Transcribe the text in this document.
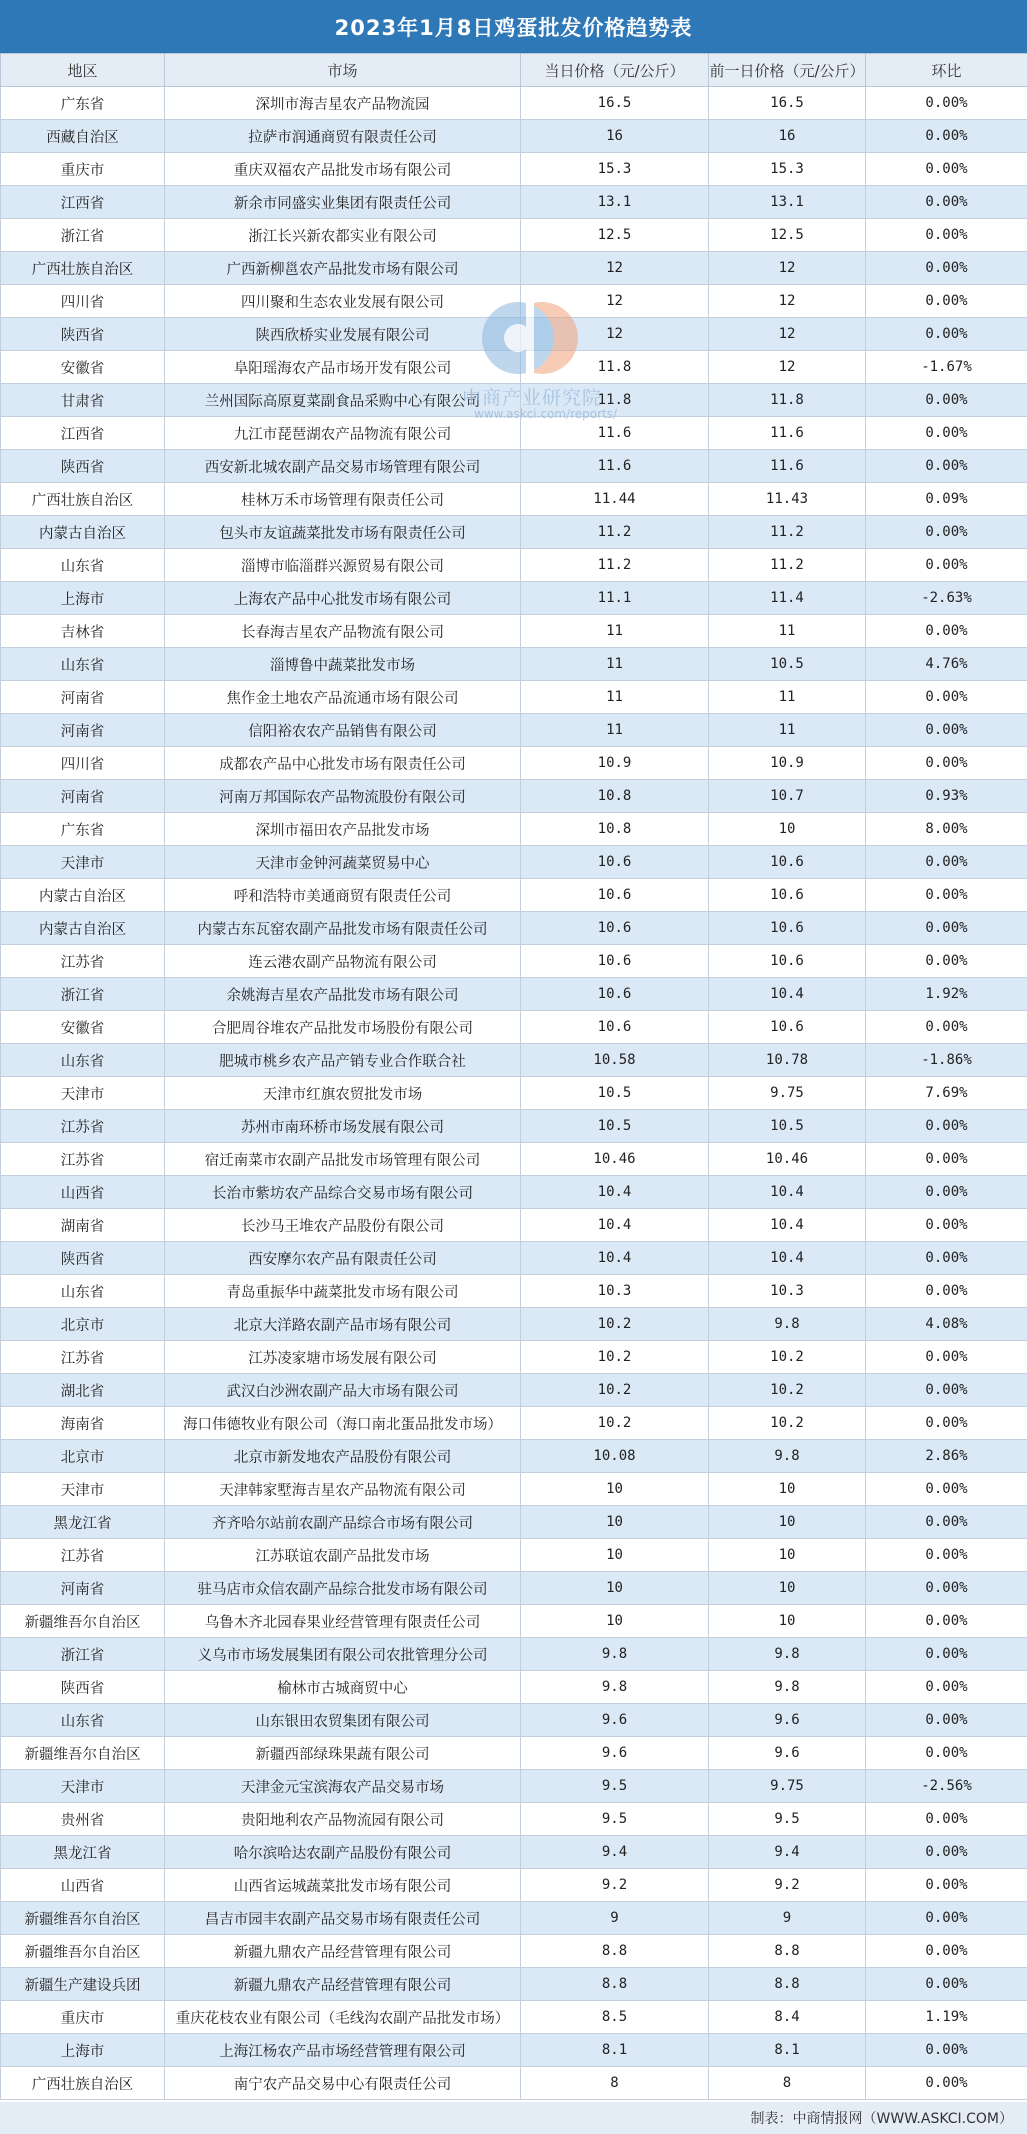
2023年1月8日鸡蛋批发价格趋势表
地区	市场	当日价格（元/公斤）	前一日价格（元/公斤）	环比
广东省	深圳市海吉星农产品物流园	16.5	16.5	0.00%
西藏自治区	拉萨市润通商贸有限责任公司	16	16	0.00%
重庆市	重庆双福农产品批发市场有限公司	15.3	15.3	0.00%
江西省	新余市同盛实业集团有限责任公司	13.1	13.1	0.00%
浙江省	浙江长兴新农都实业有限公司	12.5	12.5	0.00%
广西壮族自治区	广西新柳邕农产品批发市场有限公司	12	12	0.00%
四川省	四川聚和生态农业发展有限公司	12	12	0.00%
陕西省	陕西欣桥实业发展有限公司	12	12	0.00%
安徽省	阜阳瑶海农产品市场开发有限公司	11.8	12	-1.67%
甘肃省	兰州国际高原夏菜副食品采购中心有限公司	11.8	11.8	0.00%
江西省	九江市琵琶湖农产品物流有限公司	11.6	11.6	0.00%
陕西省	西安新北城农副产品交易市场管理有限公司	11.6	11.6	0.00%
广西壮族自治区	桂林万禾市场管理有限责任公司	11.44	11.43	0.09%
内蒙古自治区	包头市友谊蔬菜批发市场有限责任公司	11.2	11.2	0.00%
山东省	淄博市临淄群兴源贸易有限公司	11.2	11.2	0.00%
上海市	上海农产品中心批发市场有限公司	11.1	11.4	-2.63%
吉林省	长春海吉星农产品物流有限公司	11	11	0.00%
山东省	淄博鲁中蔬菜批发市场	11	10.5	4.76%
河南省	焦作金土地农产品流通市场有限公司	11	11	0.00%
河南省	信阳裕农农产品销售有限公司	11	11	0.00%
四川省	成都农产品中心批发市场有限责任公司	10.9	10.9	0.00%
河南省	河南万邦国际农产品物流股份有限公司	10.8	10.7	0.93%
广东省	深圳市福田农产品批发市场	10.8	10	8.00%
天津市	天津市金钟河蔬菜贸易中心	10.6	10.6	0.00%
内蒙古自治区	呼和浩特市美通商贸有限责任公司	10.6	10.6	0.00%
内蒙古自治区	内蒙古东瓦窑农副产品批发市场有限责任公司	10.6	10.6	0.00%
江苏省	连云港农副产品物流有限公司	10.6	10.6	0.00%
浙江省	余姚海吉星农产品批发市场有限公司	10.6	10.4	1.92%
安徽省	合肥周谷堆农产品批发市场股份有限公司	10.6	10.6	0.00%
山东省	肥城市桃乡农产品产销专业合作联合社	10.58	10.78	-1.86%
天津市	天津市红旗农贸批发市场	10.5	9.75	7.69%
江苏省	苏州市南环桥市场发展有限公司	10.5	10.5	0.00%
江苏省	宿迁南菜市农副产品批发市场管理有限公司	10.46	10.46	0.00%
山西省	长治市紫坊农产品综合交易市场有限公司	10.4	10.4	0.00%
湖南省	长沙马王堆农产品股份有限公司	10.4	10.4	0.00%
陕西省	西安摩尔农产品有限责任公司	10.4	10.4	0.00%
山东省	青岛重振华中蔬菜批发市场有限公司	10.3	10.3	0.00%
北京市	北京大洋路农副产品市场有限公司	10.2	9.8	4.08%
江苏省	江苏凌家塘市场发展有限公司	10.2	10.2	0.00%
湖北省	武汉白沙洲农副产品大市场有限公司	10.2	10.2	0.00%
海南省	海口伟德牧业有限公司（海口南北蛋品批发市场）	10.2	10.2	0.00%
北京市	北京市新发地农产品股份有限公司	10.08	9.8	2.86%
天津市	天津韩家墅海吉星农产品物流有限公司	10	10	0.00%
黑龙江省	齐齐哈尔站前农副产品综合市场有限公司	10	10	0.00%
江苏省	江苏联谊农副产品批发市场	10	10	0.00%
河南省	驻马店市众信农副产品综合批发市场有限公司	10	10	0.00%
新疆维吾尔自治区	乌鲁木齐北园春果业经营管理有限责任公司	10	10	0.00%
浙江省	义乌市市场发展集团有限公司农批管理分公司	9.8	9.8	0.00%
陕西省	榆林市古城商贸中心	9.8	9.8	0.00%
山东省	山东银田农贸集团有限公司	9.6	9.6	0.00%
新疆维吾尔自治区	新疆西部绿珠果蔬有限公司	9.6	9.6	0.00%
天津市	天津金元宝滨海农产品交易市场	9.5	9.75	-2.56%
贵州省	贵阳地利农产品物流园有限公司	9.5	9.5	0.00%
黑龙江省	哈尔滨哈达农副产品股份有限公司	9.4	9.4	0.00%
山西省	山西省运城蔬菜批发市场有限公司	9.2	9.2	0.00%
新疆维吾尔自治区	昌吉市园丰农副产品交易市场有限责任公司	9	9	0.00%
新疆维吾尔自治区	新疆九鼎农产品经营管理有限公司	8.8	8.8	0.00%
新疆生产建设兵团	新疆九鼎农产品经营管理有限公司	8.8	8.8	0.00%
重庆市	重庆花枝农业有限公司（毛线沟农副产品批发市场）	8.5	8.4	1.19%
上海市	上海江杨农产品市场经营管理有限公司	8.1	8.1	0.00%
广西壮族自治区	南宁农产品交易中心有限责任公司	8	8	0.00%
中商产业研究院
www.askci.com/reports/
制表：中商情报网（WWW.ASKCI.COM）
